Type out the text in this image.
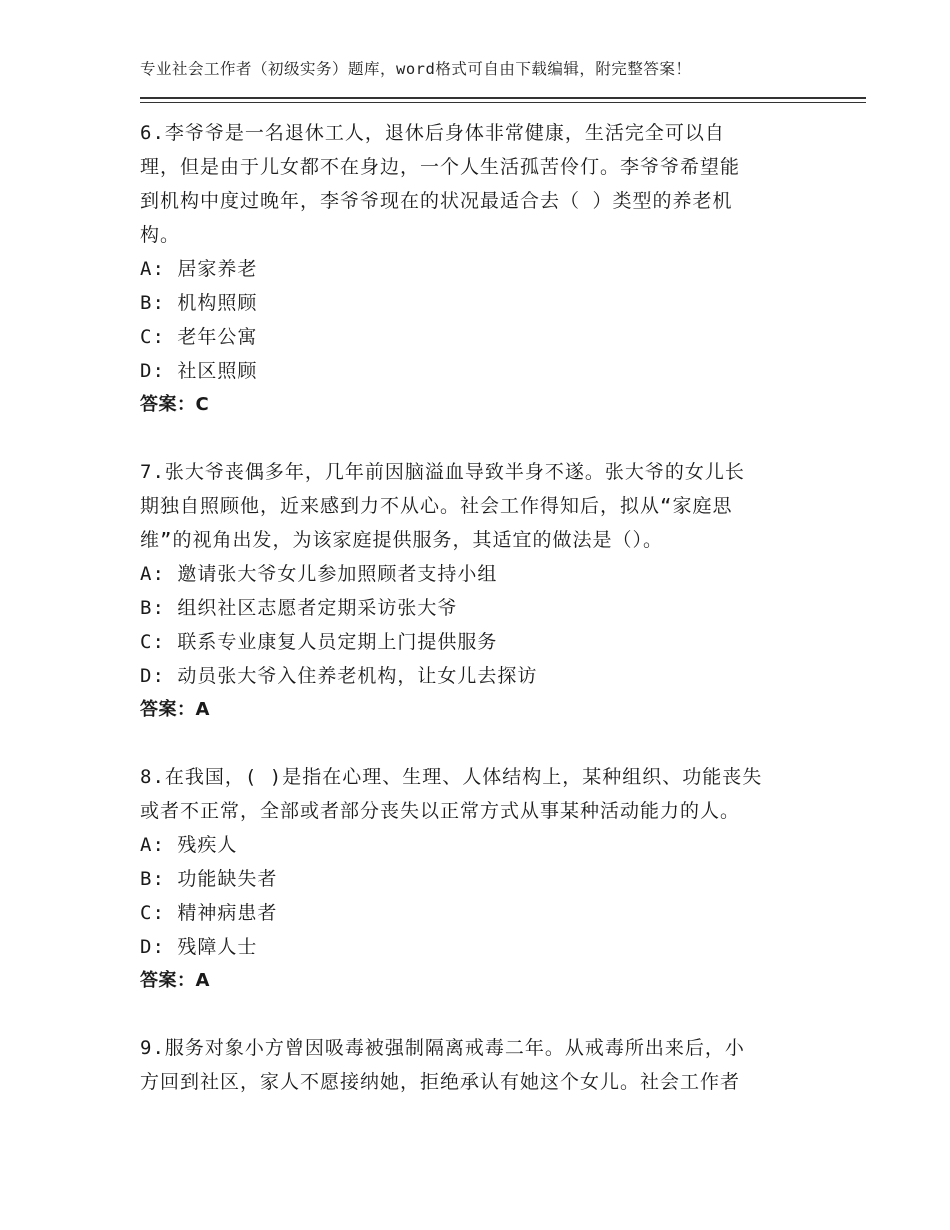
专业社会工作者（初级实务）题库，word格式可自由下载编辑，附完整答案！

6.李爷爷是一名退休工人，退休后身体非常健康，生活完全可以自
理，但是由于儿女都不在身边，一个人生活孤苦伶仃。李爷爷希望能
到机构中度过晚年，李爷爷现在的状况最适合去（ ）类型的养老机
构。

A: 居家养老

B: 机构照顾

C: 老年公寓

D: 社区照顾

答案：C

7.张大爷丧偶多年，几年前因脑溢血导致半身不遂。张大爷的女儿长
期独自照顾他，近来感到力不从心。社会工作得知后，拟从“家庭思
维”的视角出发，为该家庭提供服务，其适宜的做法是（）。

A: 邀请张大爷女儿参加照顾者支持小组

B: 组织社区志愿者定期采访张大爷

C: 联系专业康复人员定期上门提供服务

D: 动员张大爷入住养老机构，让女儿去探访

答案：A

8.在我国，( )是指在心理、生理、人体结构上，某种组织、功能丧失
或者不正常，全部或者部分丧失以正常方式从事某种活动能力的人。

A: 残疾人

B: 功能缺失者

C: 精神病患者

D: 残障人士

答案：A

9.服务对象小方曾因吸毒被强制隔离戒毒二年。从戒毒所出来后，小
方回到社区，家人不愿接纳她，拒绝承认有她这个女儿。社会工作者
